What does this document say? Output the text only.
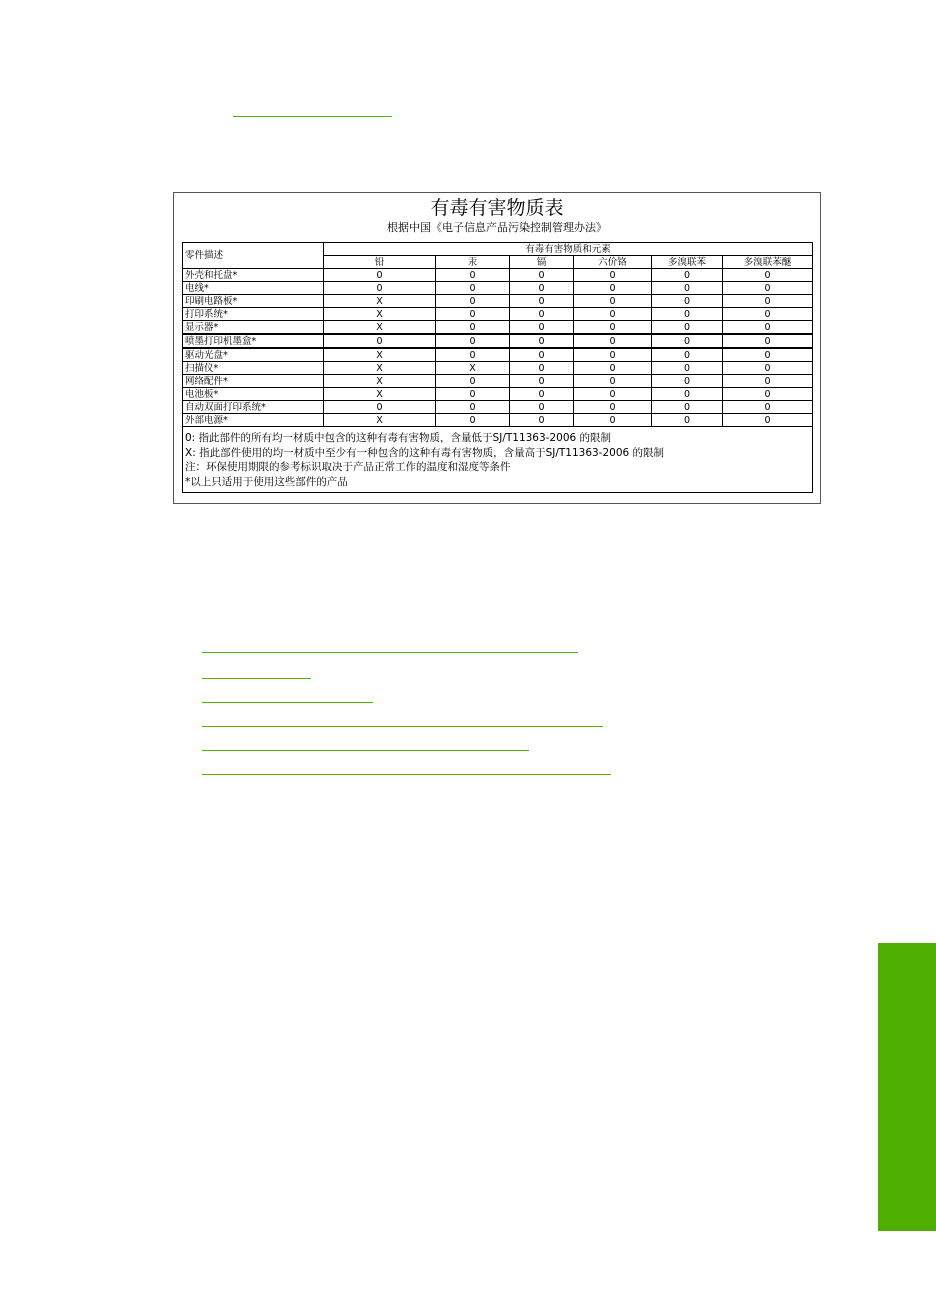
有毒有害物质表
根据中国《电子信息产品污染控制管理办法》
零件描述	有毒有害物质和元素					
	铅	汞	镉	六价铬	多溴联苯	多溴联苯醚
外壳和托盘*	0	0	0	0	0	0
电线*	0	0	0	0	0	0
印刷电路板*	X	0	0	0	0	0
打印系统*	X	0	0	0	0	0
显示器*	X	0	0	0	0	0
喷墨打印机墨盒*	0	0	0	0	0	0
驱动光盘*	X	0	0	0	0	0
扫描仪*	X	X	0	0	0	0
网络配件*	X	0	0	0	0	0
电池板*	X	0	0	0	0	0
自动双面打印系统*	0	0	0	0	0	0
外部电源*	X	0	0	0	0	0

0: 指此部件的所有均一材质中包含的这种有毒有害物质，含量低于SJ/T11363-2006 的限制
X: 指此部件使用的均一材质中至少有一种包含的这种有毒有害物质，含量高于SJ/T11363-2006 的限制
注：环保使用期限的参考标识取决于产品正常工作的温度和湿度等条件
*以上只适用于使用这些部件的产品						
